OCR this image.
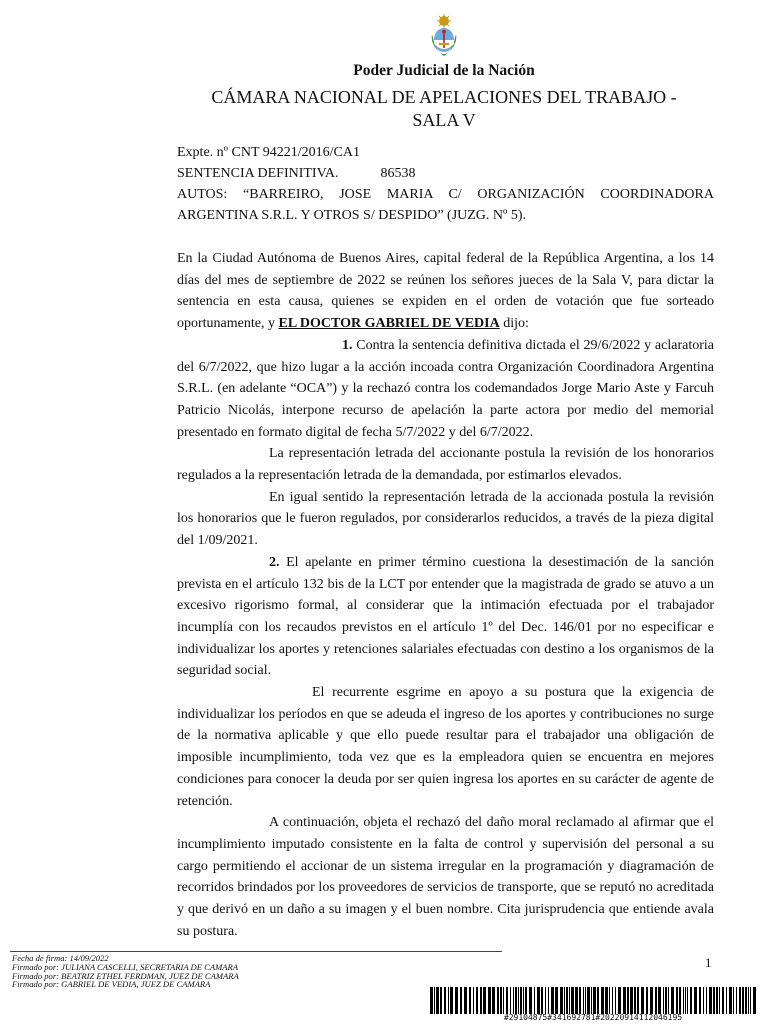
Poder Judicial de la Nación
CÁMARA NACIONAL DE APELACIONES DEL TRABAJO -
SALA V
Expte. nº CNT 94221/2016/CA1
SENTENCIA DEFINITIVA.	86538
AUTOS: “BARREIRO, JOSE MARIA C/ ORGANIZACIÓN COORDINADORA ARGENTINA S.R.L. Y OTROS S/ DESPIDO” (JUZG. Nº 5).

En la Ciudad Autónoma de Buenos Aires, capital federal de la República Argentina, a los 14 días del mes de septiembre de 2022 se reúnen los señores jueces de la Sala V, para dictar la sentencia en esta causa, quienes se expiden en el orden de votación que fue sorteado oportunamente, y EL DOCTOR GABRIEL DE VEDIA dijo:

1. Contra la sentencia definitiva dictada el 29/6/2022 y aclaratoria del 6/7/2022, que hizo lugar a la acción incoada contra Organización Coordinadora Argentina S.R.L. (en adelante “OCA”) y la rechazó contra los codemandados Jorge Mario Aste y Farcuh Patricio Nicolás, interpone recurso de apelación la parte actora por medio del memorial presentado en formato digital de fecha 5/7/2022 y del 6/7/2022.

La representación letrada del accionante postula la revisión de los honorarios regulados a la representación letrada de la demandada, por estimarlos elevados.

En igual sentido la representación letrada de la accionada postula la revisión los honorarios que le fueron regulados, por considerarlos reducidos, a través de la pieza digital del 1/09/2021.

2. El apelante en primer término cuestiona la desestimación de la sanción prevista en el artículo 132 bis de la LCT por entender que la magistrada de grado se atuvo a un excesivo rigorismo formal, al considerar que la intimación efectuada por el trabajador incumplía con los recaudos previstos en el artículo 1º del Dec. 146/01 por no especificar e individualizar los aportes y retenciones salariales efectuadas con destino a los organismos de la seguridad social.

El recurrente esgrime en apoyo a su postura que la exigencia de individualizar los períodos en que se adeuda el ingreso de los aportes y contribuciones no surge de la normativa aplicable y que ello puede resultar para el trabajador una obligación de imposible incumplimiento, toda vez que es la empleadora quien se encuentra en mejores condiciones para conocer la deuda por ser quien ingresa los aportes en su carácter de agente de retención.

A continuación, objeta el rechazó del daño moral reclamado al afirmar que el incumplimiento imputado consistente en la falta de control y supervisión del personal a su cargo permitiendo el accionar de un sistema irregular en la programación y diagramación de recorridos brindados por los proveedores de servicios de transporte, que se reputó no acreditada y que derivó en un daño a su imagen y el buen nombre. Cita jurisprudencia que entiende avala su postura.

Fecha de firma: 14/09/2022
Firmado por: JULIANA CASCELLI, SECRETARIA DE CAMARA
Firmado por: BEATRIZ ETHEL FERDMAN, JUEZ DE CAMARA
Firmado por: GABRIEL DE VEDIA, JUEZ DE CAMARA
1
#29104875#341692781#20220914112046195
